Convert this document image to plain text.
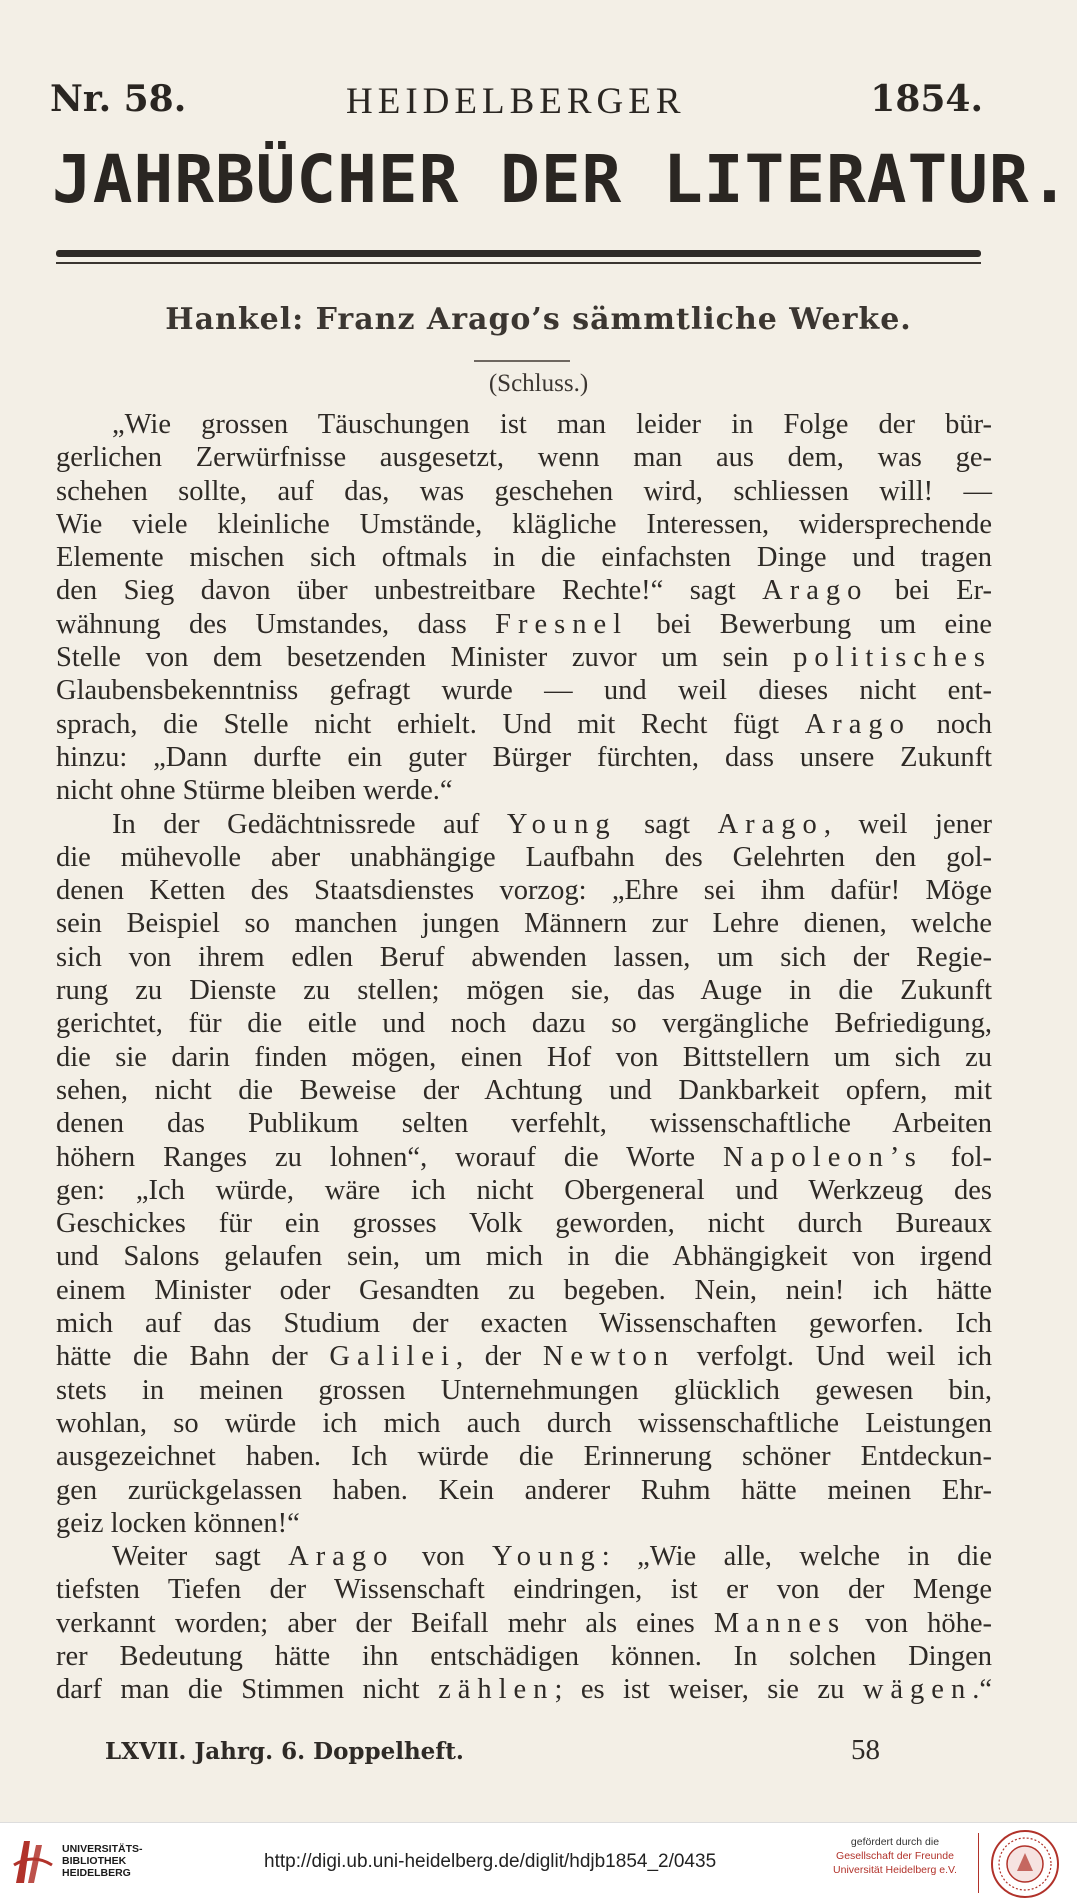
Nr. 58.	HEIDELBERGER	1854.
JAHRBÜCHER DER LITERATUR.
Hankel: Franz Arago’s sämmtliche Werke.
(Schluss.)
„Wie grossen Täuschungen ist man leider in Folge der bür-
gerlichen Zerwürfnisse ausgesetzt, wenn man aus dem, was ge-
schehen sollte, auf das, was geschehen wird, schliessen will! —
Wie viele kleinliche Umstände, klägliche Interessen, widersprechende
Elemente mischen sich oftmals in die einfachsten Dinge und tragen
den Sieg davon über unbestreitbare Rechte!“ sagt Arago bei Er-
wähnung des Umstandes, dass Fresnel bei Bewerbung um eine
Stelle von dem besetzenden Minister zuvor um sein politisches
Glaubensbekenntniss gefragt wurde — und weil dieses nicht ent-
sprach, die Stelle nicht erhielt. Und mit Recht fügt Arago noch
hinzu: „Dann durfte ein guter Bürger fürchten, dass unsere Zukunft
nicht ohne Stürme bleiben werde.“
In der Gedächtnissrede auf Young sagt Arago, weil jener
die mühevolle aber unabhängige Laufbahn des Gelehrten den gol-
denen Ketten des Staatsdienstes vorzog: „Ehre sei ihm dafür! Möge
sein Beispiel so manchen jungen Männern zur Lehre dienen, welche
sich von ihrem edlen Beruf abwenden lassen, um sich der Regie-
rung zu Dienste zu stellen; mögen sie, das Auge in die Zukunft
gerichtet, für die eitle und noch dazu so vergängliche Befriedigung,
die sie darin finden mögen, einen Hof von Bittstellern um sich zu
sehen, nicht die Beweise der Achtung und Dankbarkeit opfern, mit
denen das Publikum selten verfehlt, wissenschaftliche Arbeiten
höhern Ranges zu lohnen“, worauf die Worte Napoleon’s fol-
gen: „Ich würde, wäre ich nicht Obergeneral und Werkzeug des
Geschickes für ein grosses Volk geworden, nicht durch Bureaux
und Salons gelaufen sein, um mich in die Abhängigkeit von irgend
einem Minister oder Gesandten zu begeben. Nein, nein! ich hätte
mich auf das Studium der exacten Wissenschaften geworfen. Ich
hätte die Bahn der Galilei, der Newton verfolgt. Und weil ich
stets in meinen grossen Unternehmungen glücklich gewesen bin,
wohlan, so würde ich mich auch durch wissenschaftliche Leistungen
ausgezeichnet haben. Ich würde die Erinnerung schöner Entdeckun-
gen zurückgelassen haben. Kein anderer Ruhm hätte meinen Ehr-
geiz locken können!“
Weiter sagt Arago von Young: „Wie alle, welche in die
tiefsten Tiefen der Wissenschaft eindringen, ist er von der Menge
verkannt worden; aber der Beifall mehr als eines Mannes von höhe-
rer Bedeutung hätte ihn entschädigen können. In solchen Dingen
darf man die Stimmen nicht zählen; es ist weiser, sie zu wägen.“
LXVII. Jahrg. 6. Doppelheft.	58
UNIVERSITÄTS-
BIBLIOTHEK
HEIDELBERG
http://digi.ub.uni-heidelberg.de/diglit/hdjb1854_2/0435
gefördert durch die
Gesellschaft der Freunde
Universität Heidelberg e.V.
